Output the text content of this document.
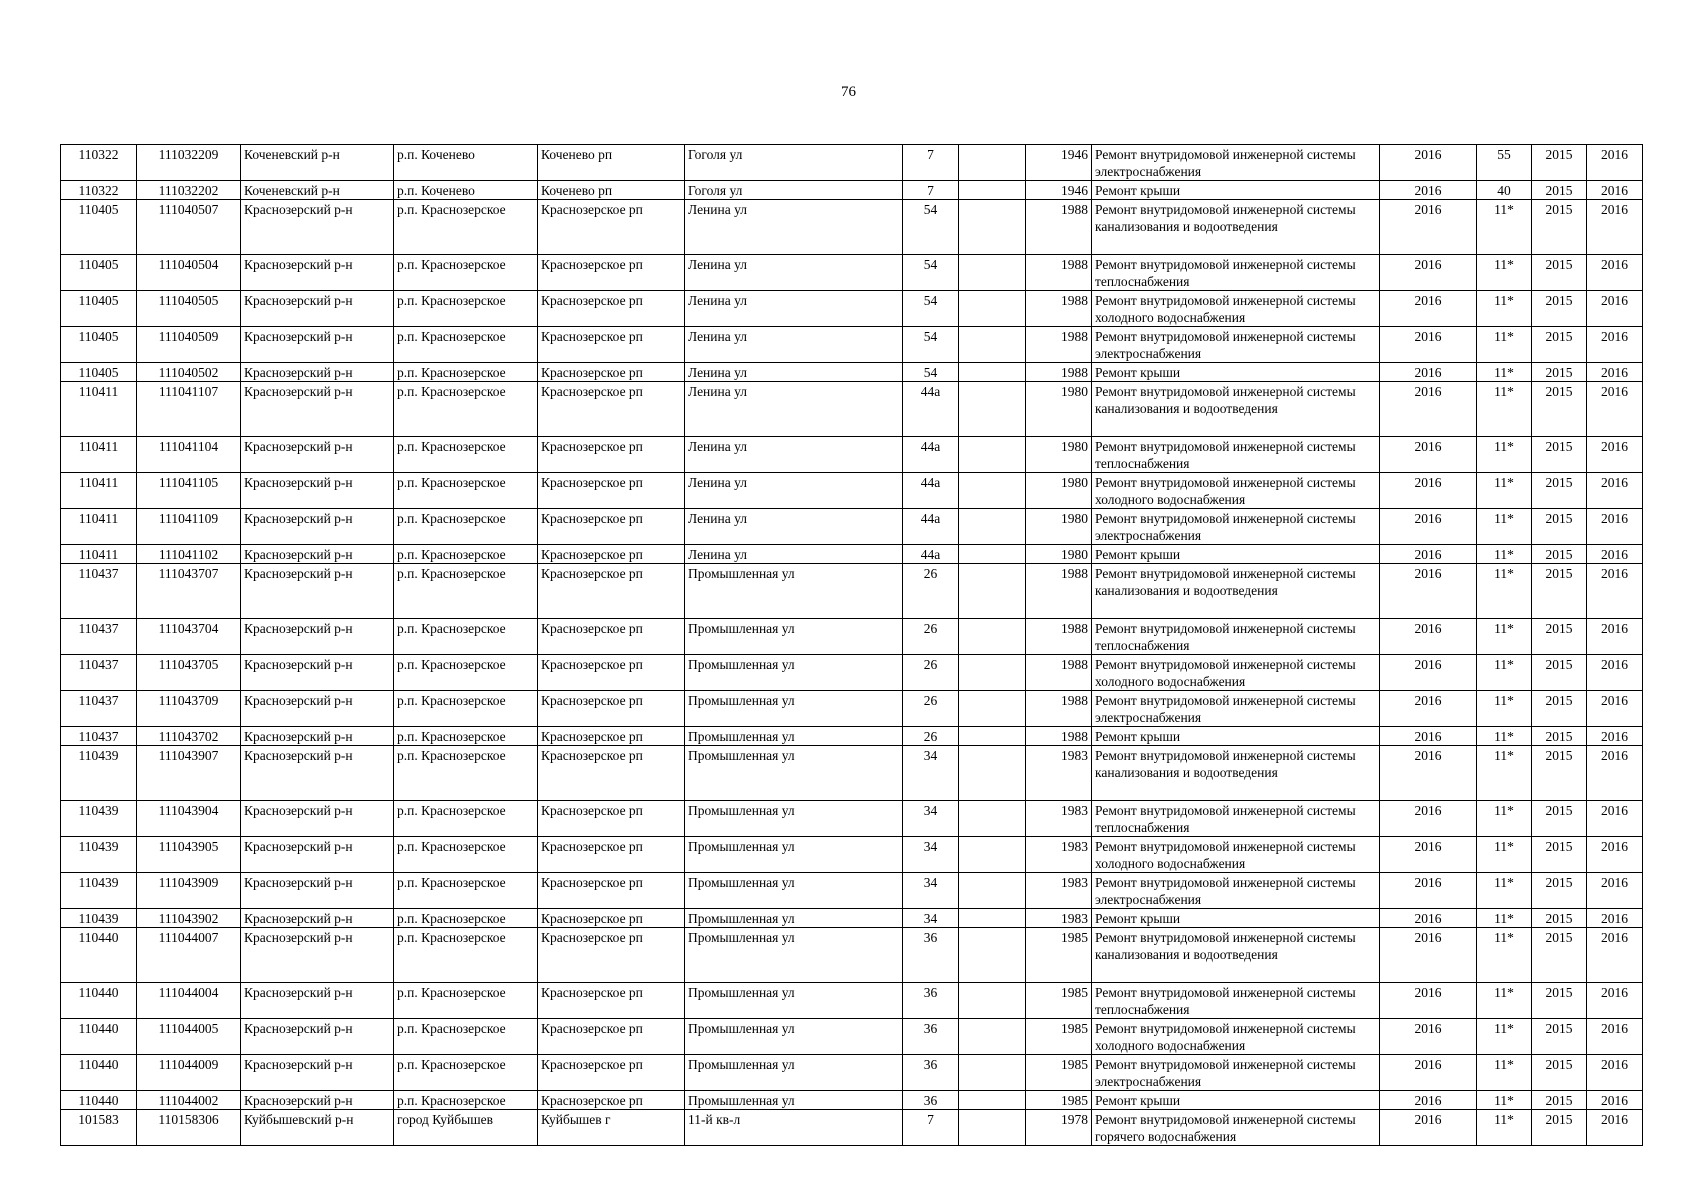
76
110322	111032209	Коченевский р-н	р.п. Коченево	Коченево рп	Гоголя ул	7		1946	Ремонт внутридомовой инженерной системы электроснабжения	2016	55	2015	2016
110322	111032202	Коченевский р-н	р.п. Коченево	Коченево рп	Гоголя ул	7		1946	Ремонт крыши	2016	40	2015	2016
110405	111040507	Краснозерский р-н	р.п. Краснозерское	Краснозерское рп	Ленина ул	54		1988	Ремонт внутридомовой инженерной системы канализования и водоотведения	2016	11*	2015	2016
110405	111040504	Краснозерский р-н	р.п. Краснозерское	Краснозерское рп	Ленина ул	54		1988	Ремонт внутридомовой инженерной системы теплоснабжения	2016	11*	2015	2016
110405	111040505	Краснозерский р-н	р.п. Краснозерское	Краснозерское рп	Ленина ул	54		1988	Ремонт внутридомовой инженерной системы холодного водоснабжения	2016	11*	2015	2016
110405	111040509	Краснозерский р-н	р.п. Краснозерское	Краснозерское рп	Ленина ул	54		1988	Ремонт внутридомовой инженерной системы электроснабжения	2016	11*	2015	2016
110405	111040502	Краснозерский р-н	р.п. Краснозерское	Краснозерское рп	Ленина ул	54		1988	Ремонт крыши	2016	11*	2015	2016
110411	111041107	Краснозерский р-н	р.п. Краснозерское	Краснозерское рп	Ленина ул	44а		1980	Ремонт внутридомовой инженерной системы канализования и водоотведения	2016	11*	2015	2016
110411	111041104	Краснозерский р-н	р.п. Краснозерское	Краснозерское рп	Ленина ул	44а		1980	Ремонт внутридомовой инженерной системы теплоснабжения	2016	11*	2015	2016
110411	111041105	Краснозерский р-н	р.п. Краснозерское	Краснозерское рп	Ленина ул	44а		1980	Ремонт внутридомовой инженерной системы холодного водоснабжения	2016	11*	2015	2016
110411	111041109	Краснозерский р-н	р.п. Краснозерское	Краснозерское рп	Ленина ул	44а		1980	Ремонт внутридомовой инженерной системы электроснабжения	2016	11*	2015	2016
110411	111041102	Краснозерский р-н	р.п. Краснозерское	Краснозерское рп	Ленина ул	44а		1980	Ремонт крыши	2016	11*	2015	2016
110437	111043707	Краснозерский р-н	р.п. Краснозерское	Краснозерское рп	Промышленная ул	26		1988	Ремонт внутридомовой инженерной системы канализования и водоотведения	2016	11*	2015	2016
110437	111043704	Краснозерский р-н	р.п. Краснозерское	Краснозерское рп	Промышленная ул	26		1988	Ремонт внутридомовой инженерной системы теплоснабжения	2016	11*	2015	2016
110437	111043705	Краснозерский р-н	р.п. Краснозерское	Краснозерское рп	Промышленная ул	26		1988	Ремонт внутридомовой инженерной системы холодного водоснабжения	2016	11*	2015	2016
110437	111043709	Краснозерский р-н	р.п. Краснозерское	Краснозерское рп	Промышленная ул	26		1988	Ремонт внутридомовой инженерной системы электроснабжения	2016	11*	2015	2016
110437	111043702	Краснозерский р-н	р.п. Краснозерское	Краснозерское рп	Промышленная ул	26		1988	Ремонт крыши	2016	11*	2015	2016
110439	111043907	Краснозерский р-н	р.п. Краснозерское	Краснозерское рп	Промышленная ул	34		1983	Ремонт внутридомовой инженерной системы канализования и водоотведения	2016	11*	2015	2016
110439	111043904	Краснозерский р-н	р.п. Краснозерское	Краснозерское рп	Промышленная ул	34		1983	Ремонт внутридомовой инженерной системы теплоснабжения	2016	11*	2015	2016
110439	111043905	Краснозерский р-н	р.п. Краснозерское	Краснозерское рп	Промышленная ул	34		1983	Ремонт внутридомовой инженерной системы холодного водоснабжения	2016	11*	2015	2016
110439	111043909	Краснозерский р-н	р.п. Краснозерское	Краснозерское рп	Промышленная ул	34		1983	Ремонт внутридомовой инженерной системы электроснабжения	2016	11*	2015	2016
110439	111043902	Краснозерский р-н	р.п. Краснозерское	Краснозерское рп	Промышленная ул	34		1983	Ремонт крыши	2016	11*	2015	2016
110440	111044007	Краснозерский р-н	р.п. Краснозерское	Краснозерское рп	Промышленная ул	36		1985	Ремонт внутридомовой инженерной системы канализования и водоотведения	2016	11*	2015	2016
110440	111044004	Краснозерский р-н	р.п. Краснозерское	Краснозерское рп	Промышленная ул	36		1985	Ремонт внутридомовой инженерной системы теплоснабжения	2016	11*	2015	2016
110440	111044005	Краснозерский р-н	р.п. Краснозерское	Краснозерское рп	Промышленная ул	36		1985	Ремонт внутридомовой инженерной системы холодного водоснабжения	2016	11*	2015	2016
110440	111044009	Краснозерский р-н	р.п. Краснозерское	Краснозерское рп	Промышленная ул	36		1985	Ремонт внутридомовой инженерной системы электроснабжения	2016	11*	2015	2016
110440	111044002	Краснозерский р-н	р.п. Краснозерское	Краснозерское рп	Промышленная ул	36		1985	Ремонт крыши	2016	11*	2015	2016
101583	110158306	Куйбышевский р-н	город Куйбышев	Куйбышев г	11-й кв-л	7		1978	Ремонт внутридомовой инженерной системы горячего водоснабжения	2016	11*	2015	2016
